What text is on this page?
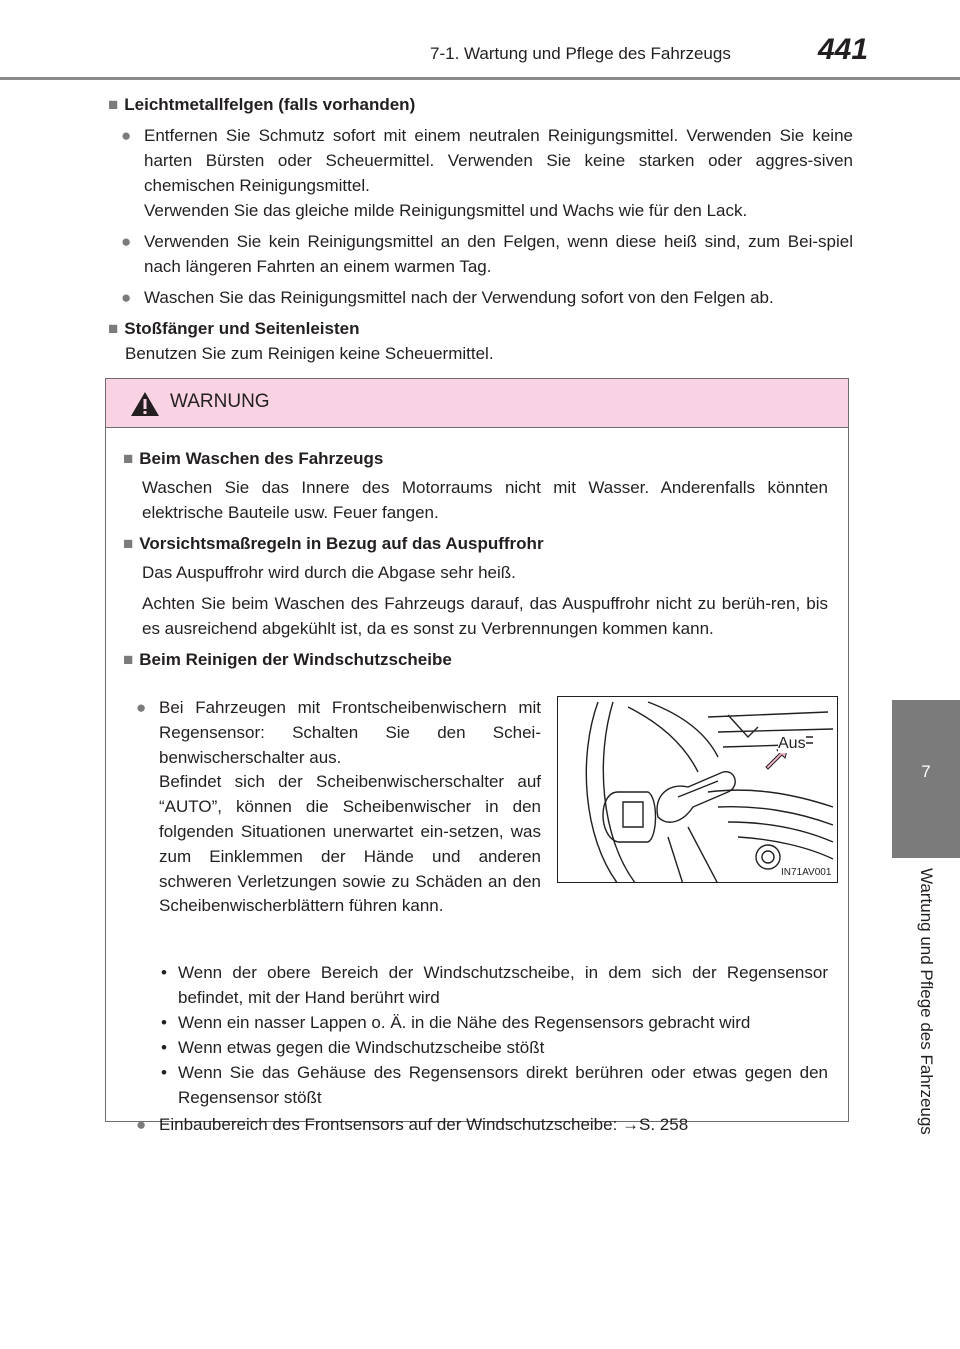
7-1. Wartung und Pflege des Fahrzeugs	441
7
Wartung und Pflege des Fahrzeugs

■ Leichtmetallfelgen (falls vorhanden)

● Entfernen Sie Schmutz sofort mit einem neutralen Reinigungsmittel. Verwenden Sie keine harten Bürsten oder Scheuermittel. Verwenden Sie keine starken oder aggres-siven chemischen Reinigungsmittel.

Verwenden Sie das gleiche milde Reinigungsmittel und Wachs wie für den Lack.

● Verwenden Sie kein Reinigungsmittel an den Felgen, wenn diese heiß sind, zum Bei-spiel nach längeren Fahrten an einem warmen Tag.

● Waschen Sie das Reinigungsmittel nach der Verwendung sofort von den Felgen ab.

■ Stoßfänger und Seitenleisten

Benutzen Sie zum Reinigen keine Scheuermittel.

WARNUNG

■ Beim Waschen des Fahrzeugs

Waschen Sie das Innere des Motorraums nicht mit Wasser. Anderenfalls könnten elektrische Bauteile usw. Feuer fangen.

■ Vorsichtsmaßregeln in Bezug auf das Auspuffrohr

Das Auspuffrohr wird durch die Abgase sehr heiß.

Achten Sie beim Waschen des Fahrzeugs darauf, das Auspuffrohr nicht zu berüh-ren, bis es ausreichend abgekühlt ist, da es sonst zu Verbrennungen kommen kann.

■ Beim Reinigen der Windschutzscheibe

● Bei Fahrzeugen mit Frontscheibenwischern mit Regensensor: Schalten Sie den Schei-benwischerschalter aus.

Befindet sich der Scheibenwischerschalter auf “AUTO”, können die Scheibenwischer in den folgenden Situationen unerwartet ein-setzen, was zum Einklemmen der Hände und anderen schweren Verletzungen sowie zu Schäden an den Scheibenwischerblättern führen kann.

Aus
IN71AV001
• Wenn der obere Bereich der Windschutzscheibe, in dem sich der Regensensor befindet, mit der Hand berührt wird
• Wenn ein nasser Lappen o. Ä. in die Nähe des Regensensors gebracht wird
• Wenn etwas gegen die Windschutzscheibe stößt
• Wenn Sie das Gehäuse des Regensensors direkt berühren oder etwas gegen den Regensensor stößt
● Einbaubereich des Frontsensors auf der Windschutzscheibe: →S. 258
